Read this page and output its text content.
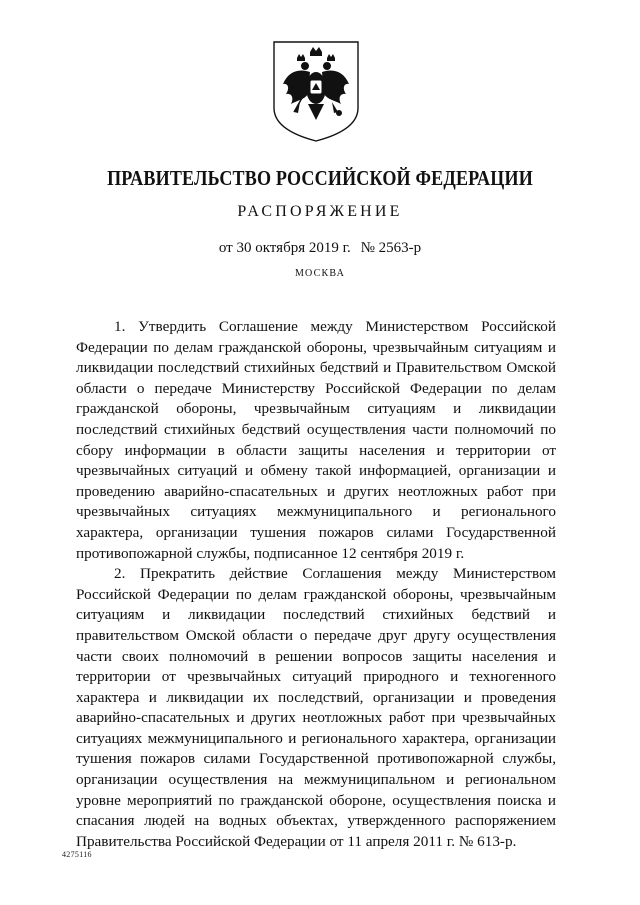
ПРАВИТЕЛЬСТВО РОССИЙСКОЙ ФЕДЕРАЦИИ
РАСПОРЯЖЕНИЕ
от 30 октября 2019 г. № 2563-р
МОСКВА

1. Утвердить Соглашение между Министерством Российской Федерации по делам гражданской обороны, чрезвычайным ситуациям и ликвидации последствий стихийных бедствий и Правительством Омской области о передаче Министерству Российской Федерации по делам гражданской обороны, чрезвычайным ситуациям и ликвидации последствий стихийных бедствий осуществления части полномочий по сбору информации в области защиты населения и территории от чрезвычайных ситуаций и обмену такой информацией, организации и проведению аварийно-спасательных и других неотложных работ при чрезвычайных ситуациях межмуниципального и регионального характера, организации тушения пожаров силами Государственной противопожарной службы, подписанное 12 сентября 2019 г.

2. Прекратить действие Соглашения между Министерством Российской Федерации по делам гражданской обороны, чрезвычайным ситуациям и ликвидации последствий стихийных бедствий и правительством Омской области о передаче друг другу осуществления части своих полномочий в решении вопросов защиты населения и территории от чрезвычайных ситуаций природного и техногенного характера и ликвидации их последствий, организации и проведения аварийно-спасательных и других неотложных работ при чрезвычайных ситуациях межмуниципального и регионального характера, организации тушения пожаров силами Государственной противопожарной службы, организации осуществления на межмуниципальном и региональном уровне мероприятий по гражданской обороне, осуществления поиска и спасания людей на водных объектах, утвержденного распоряжением Правительства Российской Федерации от 11 апреля 2011 г. № 613-р.

4275116
